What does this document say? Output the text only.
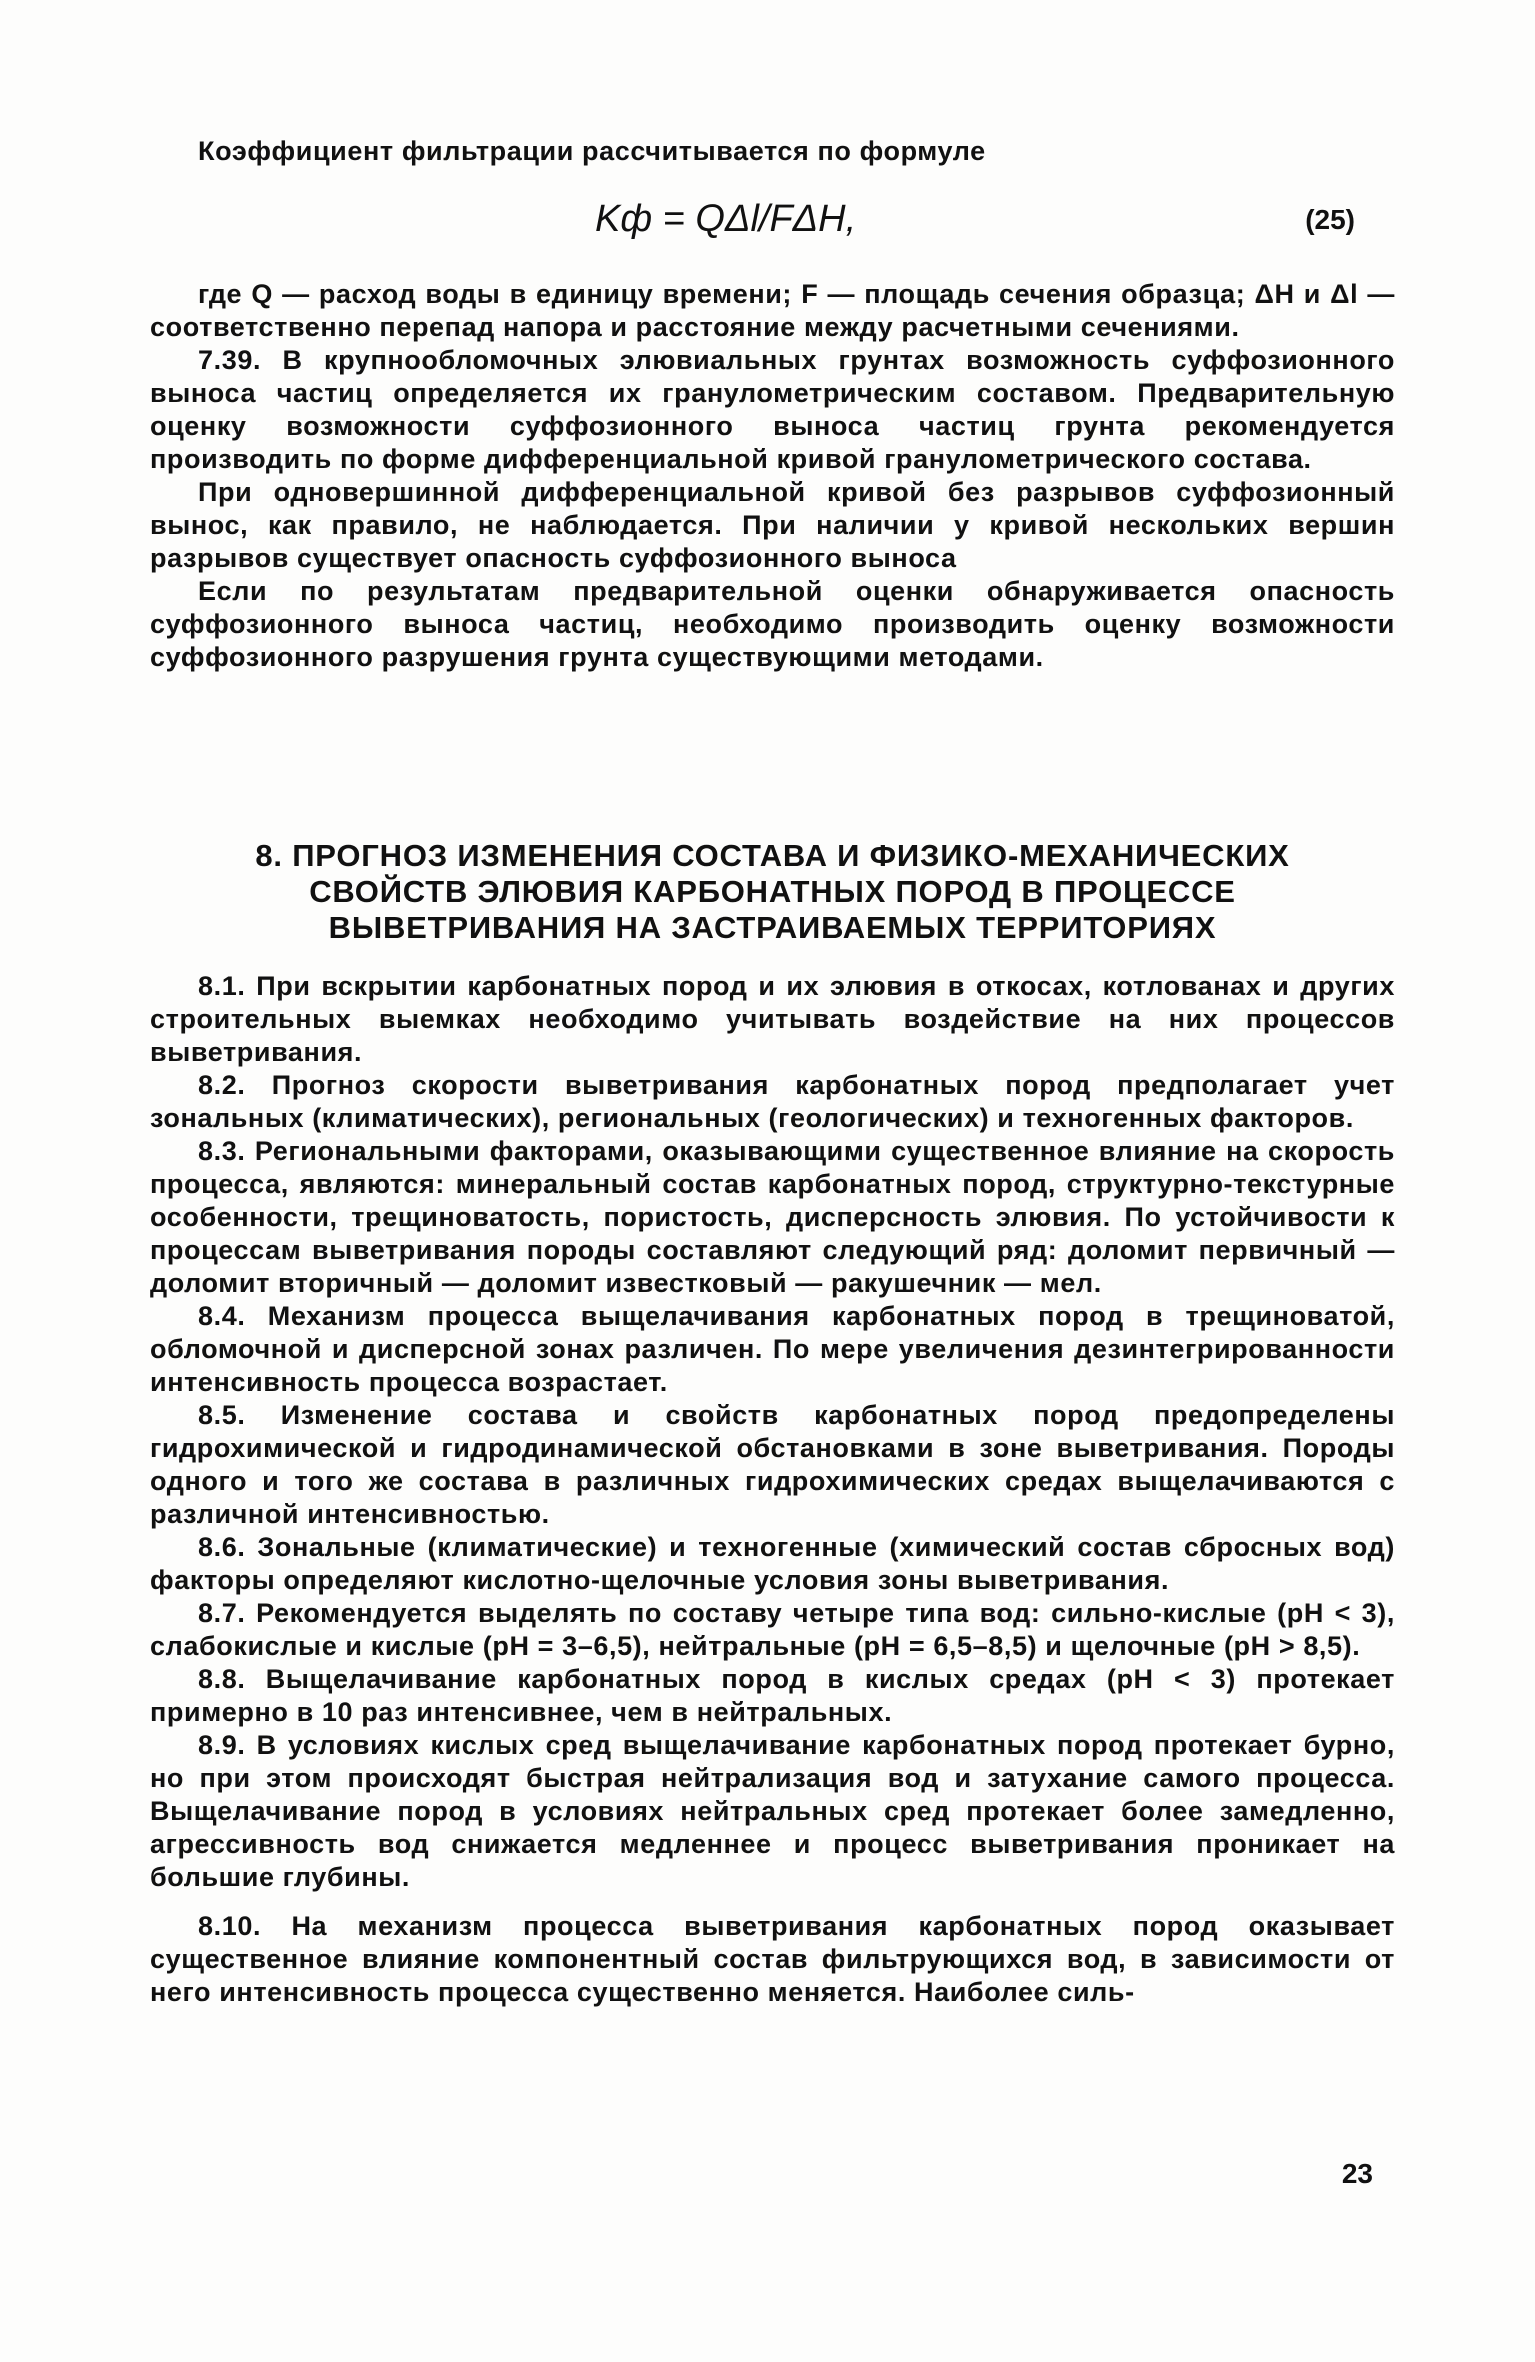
Коэффициент фильтрации рассчитывается по формуле

Kф = QΔl/FΔH,	(25)

где Q — расход воды в единицу времени; F — площадь сечения образца; ΔH и Δl — соответственно перепад напора и расстояние между расчетными сечениями.

7.39. В крупнообломочных элювиальных грунтах возможность суффозионного выноса частиц определяется их гранулометрическим составом. Предварительную оценку возможности суффозионного выноса частиц грунта рекомендуется производить по форме дифференциальной кривой гранулометрического состава.

При одновершинной дифференциальной кривой без разрывов суффозионный вынос, как правило, не наблюдается. При наличии у кривой нескольких вершин разрывов существует опасность суффозионного выноса

Если по результатам предварительной оценки обнаруживается опасность суффозионного выноса частиц, необходимо производить оценку возможности суффозионного разрушения грунта существующими методами.

8. ПРОГНОЗ ИЗМЕНЕНИЯ СОСТАВА И ФИЗИКО-МЕХАНИЧЕСКИХ
СВОЙСТВ ЭЛЮВИЯ КАРБОНАТНЫХ ПОРОД В ПРОЦЕССЕ
ВЫВЕТРИВАНИЯ НА ЗАСТРАИВАЕМЫХ ТЕРРИТОРИЯХ

8.1. При вскрытии карбонатных пород и их элювия в откосах, котлованах и других строительных выемках необходимо учитывать воздействие на них процессов выветривания.

8.2. Прогноз скорости выветривания карбонатных пород предполагает учет зональных (климатических), региональных (геологических) и техногенных факторов.

8.3. Региональными факторами, оказывающими существенное влияние на скорость процесса, являются: минеральный состав карбонатных пород, структурно-текстурные особенности, трещиноватость, пористость, дисперсность элювия. По устойчивости к процессам выветривания породы составляют следующий ряд: доломит первичный — доломит вторичный — доломит известковый — ракушечник — мел.

8.4. Механизм процесса выщелачивания карбонатных пород в трещиноватой, обломочной и дисперсной зонах различен. По мере увеличения дезинтегрированности интенсивность процесса возрастает.

8.5. Изменение состава и свойств карбонатных пород предопределены гидрохимической и гидродинамической обстановками в зоне выветривания. Породы одного и того же состава в различных гидрохимических средах выщелачиваются с различной интенсивностью.

8.6. Зональные (климатические) и техногенные (химический состав сбросных вод) факторы определяют кислотно-щелочные условия зоны выветривания.

8.7. Рекомендуется выделять по составу четыре типа вод: сильно-кислые (pH < 3), слабокислые и кислые (pH = 3–6,5), нейтральные (pH = 6,5–8,5) и щелочные (pH > 8,5).

8.8. Выщелачивание карбонатных пород в кислых средах (pH < 3) протекает примерно в 10 раз интенсивнее, чем в нейтральных.

8.9. В условиях кислых сред выщелачивание карбонатных пород протекает бурно, но при этом происходят быстрая нейтрализация вод и затухание самого процесса. Выщелачивание пород в условиях нейтральных сред протекает более замедленно, агрессивность вод снижается медленнее и процесс выветривания проникает на большие глубины.

8.10. На механизм процесса выветривания карбонатных пород оказывает существенное влияние компонентный состав фильтрующихся вод, в зависимости от него интенсивность процесса существенно меняется. Наиболее силь-

23
